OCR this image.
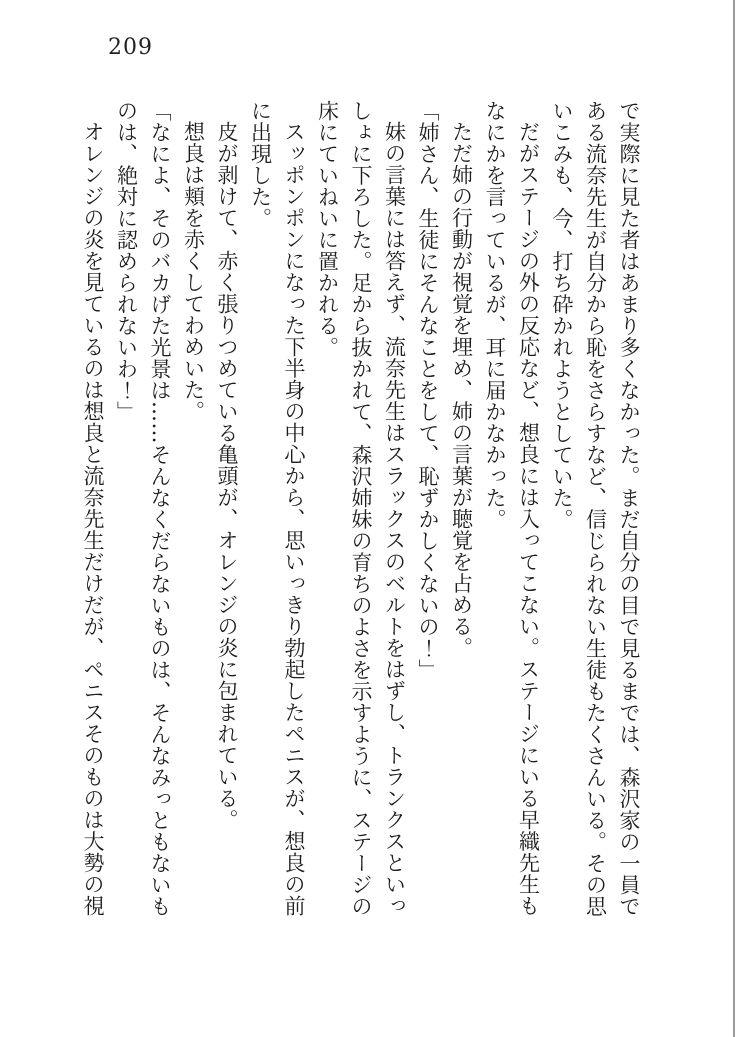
209

で実際に見た者はあまり多くなかった。まだ自分の目で見るまでは、森沢家の一員である流奈先生が自分から恥をさらすなど、信じられない生徒もたくさんいる。その思いこみも、今、打ち砕かれようとしていた。

だがステージの外の反応など、想良には入ってこない。ステージにいる早織先生もなにかを言っているが、耳に届かなかった。

ただ姉の行動が視覚を埋め、姉の言葉が聴覚を占める。

「姉さん、生徒にそんなことをして、恥ずかしくないの！」

妹の言葉には答えず、流奈先生はスラックスのベルトをはずし、トランクスといっしょに下ろした。足から抜かれて、森沢姉妹の育ちのよさを示すように、ステージの床にていねいに置かれる。

スッポンポンになった下半身の中心から、思いっきり勃起したペニスが、想良の前に出現した。

皮が剥けて、赤く張りつめている亀頭が、オレンジの炎に包まれている。

想良は頬を赤くしてわめいた。

「なによ、そのバカげた光景は……そんなくだらないものは、そんなみっともないものは、絶対に認められないわ！」

オレンジの炎を見ているのは想良と流奈先生だけだが、ペニスそのものは大勢の視
